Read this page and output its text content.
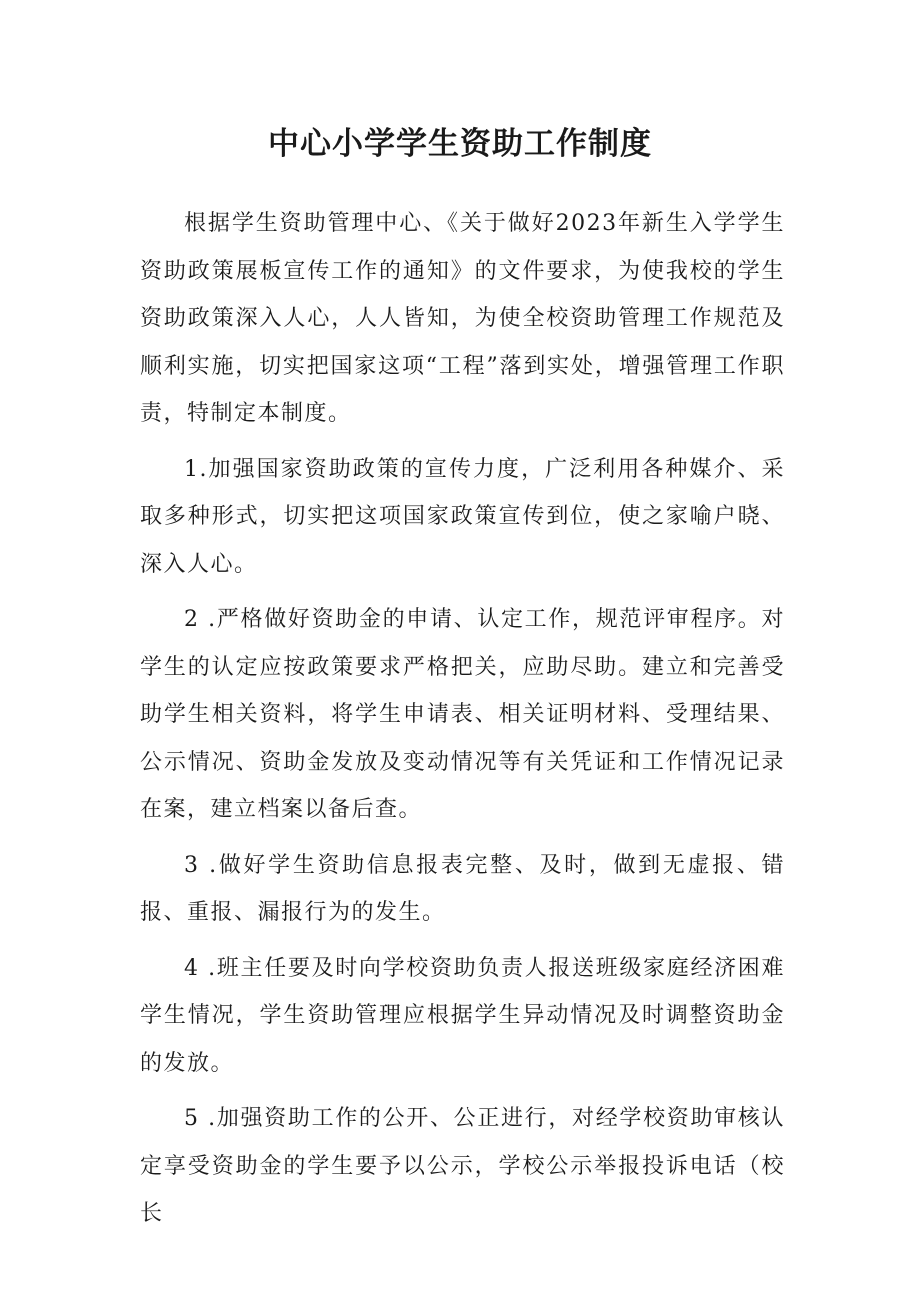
中心小学学生资助工作制度

根据学生资助管理中心、《关于做好2023年新生入学学生资助政策展板宣传工作的通知》的文件要求，为使我校的学生资助政策深入人心，人人皆知，为使全校资助管理工作规范及顺利实施，切实把国家这项“工程”落到实处，增强管理工作职责，特制定本制度。

1.加强国家资助政策的宣传力度，广泛利用各种媒介、采取多种形式，切实把这项国家政策宣传到位，使之家喻户晓、深入人心。

2 .严格做好资助金的申请、认定工作，规范评审程序。对学生的认定应按政策要求严格把关，应助尽助。建立和完善受助学生相关资料，将学生申请表、相关证明材料、受理结果、公示情况、资助金发放及变动情况等有关凭证和工作情况记录在案，建立档案以备后查。

3 .做好学生资助信息报表完整、及时，做到无虚报、错报、重报、漏报行为的发生。

4 .班主任要及时向学校资助负责人报送班级家庭经济困难学生情况，学生资助管理应根据学生异动情况及时调整资助金的发放。

5 .加强资助工作的公开、公正进行，对经学校资助审核认定享受资助金的学生要予以公示，学校公示举报投诉电话（校长
